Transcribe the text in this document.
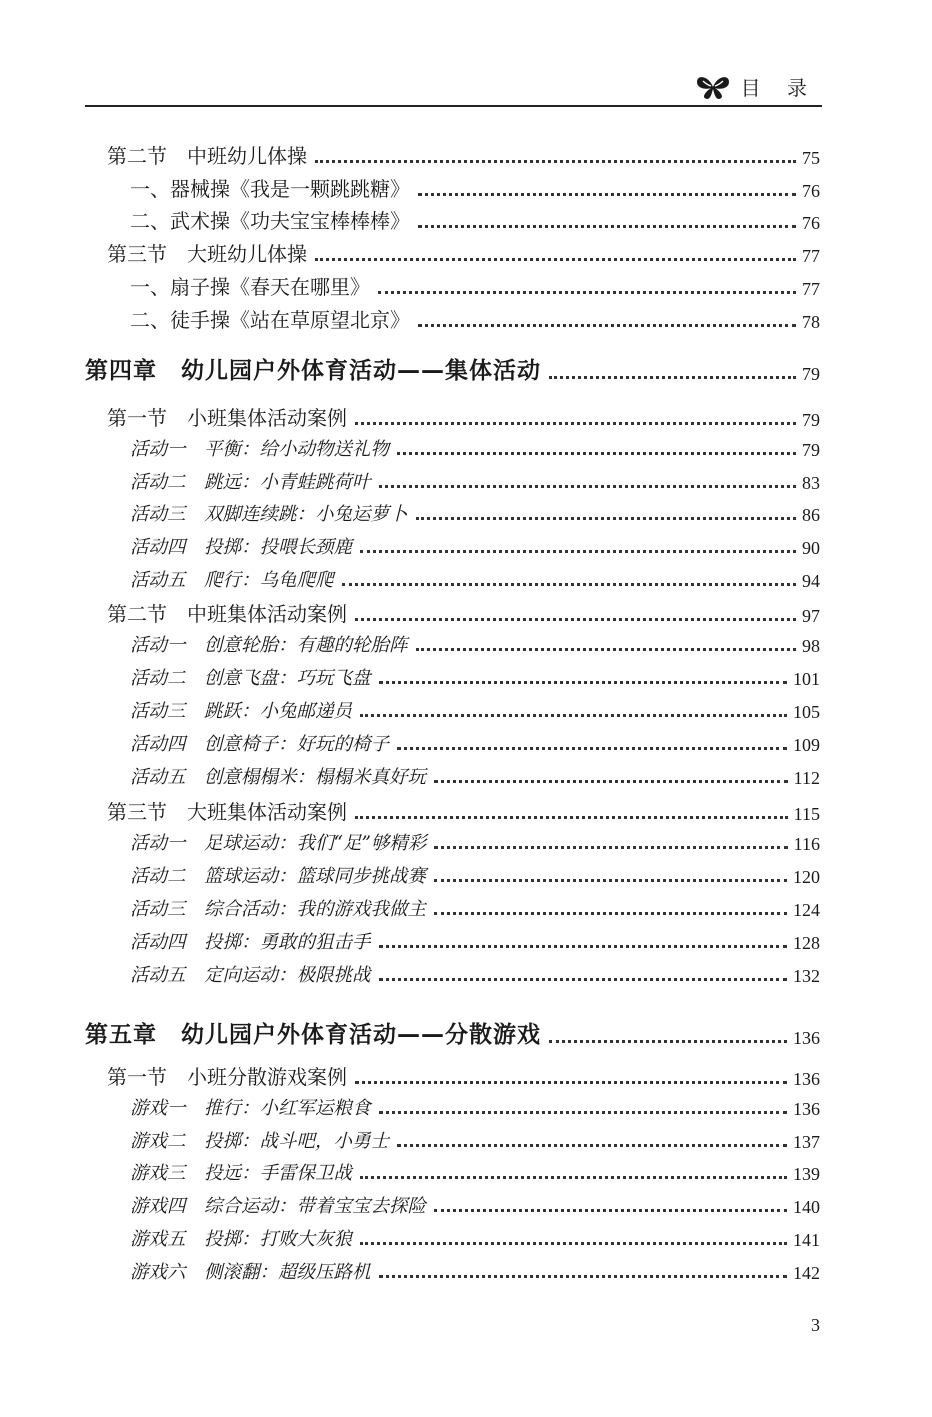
目 录
第二节　中班幼儿体操	75
一、器械操《我是一颗跳跳糖》	76
二、武术操《功夫宝宝棒棒棒》	76
第三节　大班幼儿体操	77
一、扇子操《春天在哪里》	77
二、徒手操《站在草原望北京》	78
第四章　幼儿园户外体育活动——集体活动	79
第一节　小班集体活动案例	79
活动一　平衡：给小动物送礼物	79
活动二　跳远：小青蛙跳荷叶	83
活动三　双脚连续跳：小兔运萝卜	86
活动四　投掷：投喂长颈鹿	90
活动五　爬行：乌龟爬爬	94
第二节　中班集体活动案例	97
活动一　创意轮胎：有趣的轮胎阵	98
活动二　创意飞盘：巧玩飞盘	101
活动三　跳跃：小兔邮递员	105
活动四　创意椅子：好玩的椅子	109
活动五　创意榻榻米：榻榻米真好玩	112
第三节　大班集体活动案例	115
活动一　足球运动：我们“足”够精彩	116
活动二　篮球运动：篮球同步挑战赛	120
活动三　综合活动：我的游戏我做主	124
活动四　投掷：勇敢的狙击手	128
活动五　定向运动：极限挑战	132
第五章　幼儿园户外体育活动——分散游戏	136
第一节　小班分散游戏案例	136
游戏一　推行：小红军运粮食	136
游戏二　投掷：战斗吧，小勇士	137
游戏三　投远：手雷保卫战	139
游戏四　综合运动：带着宝宝去探险	140
游戏五　投掷：打败大灰狼	141
游戏六　侧滚翻：超级压路机	142
3
